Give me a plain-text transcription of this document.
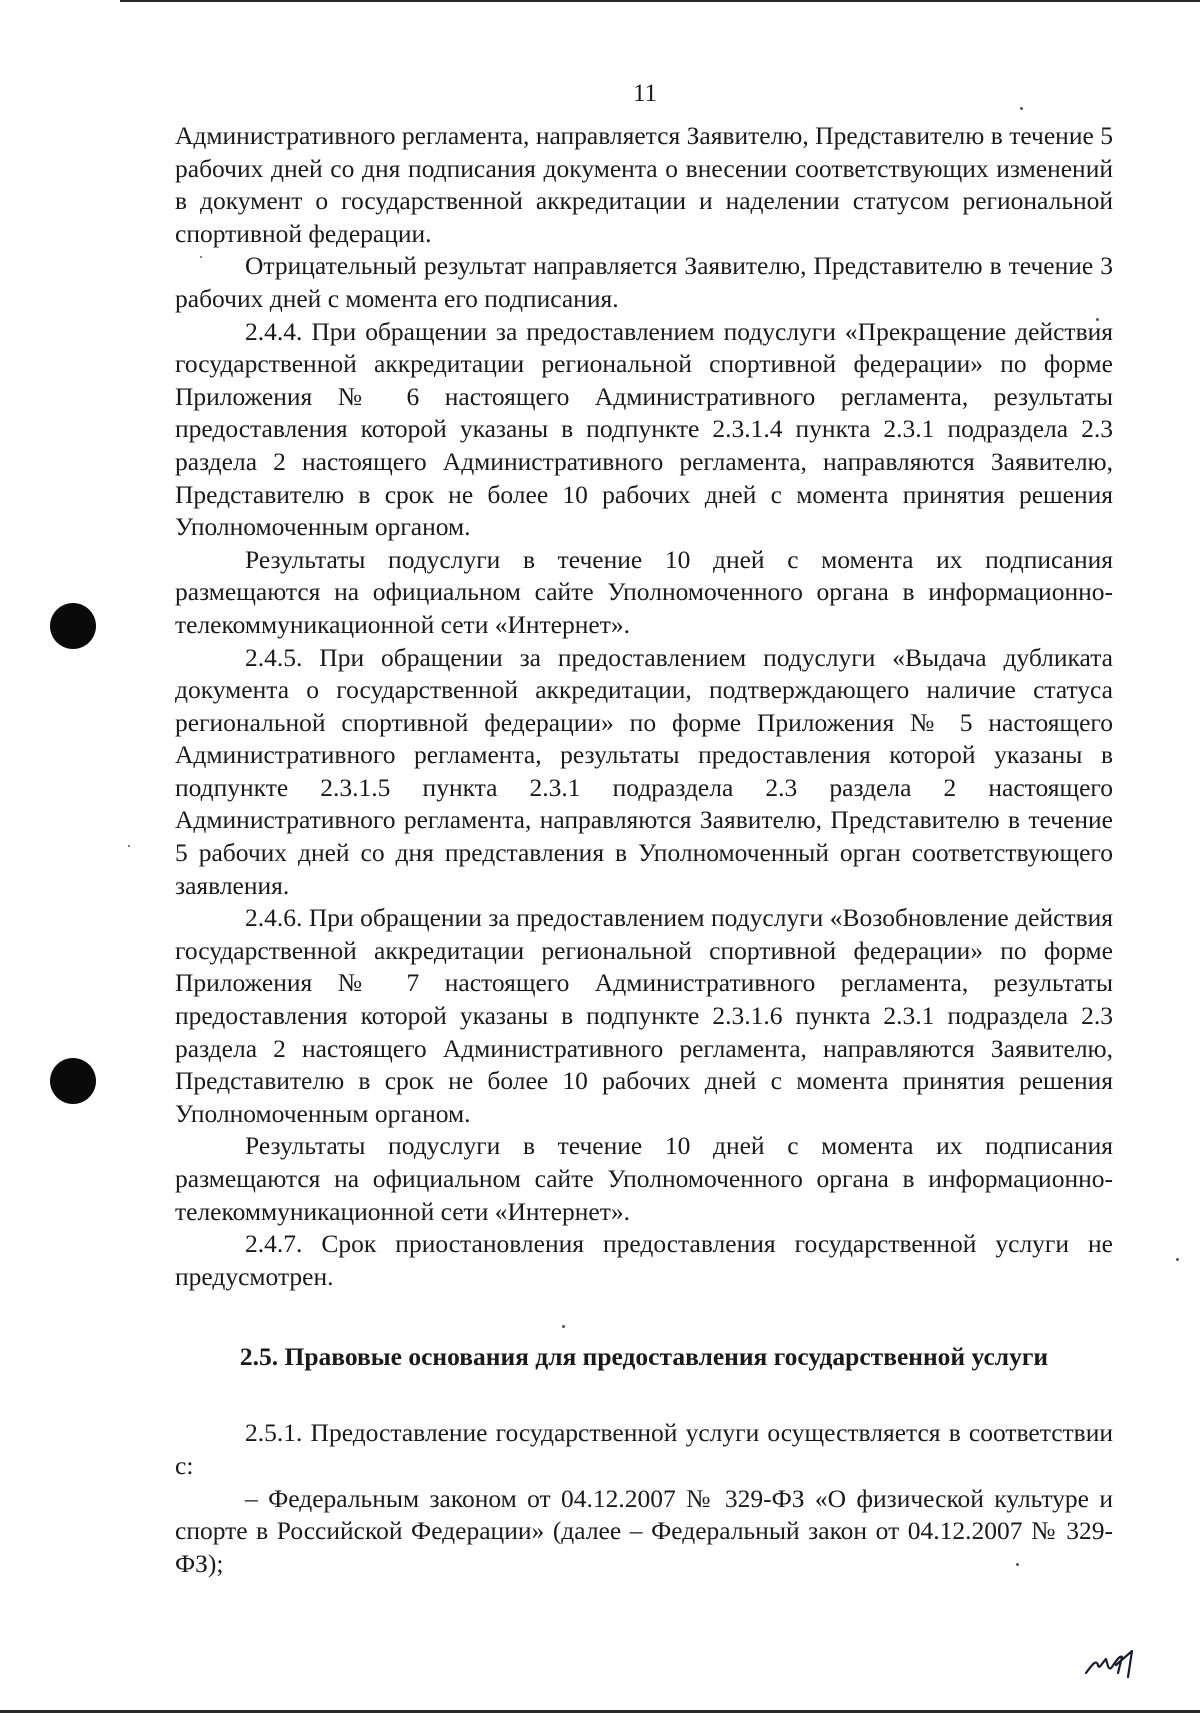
11

Административного регламента, направляется Заявителю, Представителю в течение 5 рабочих дней со дня подписания документа о внесении соответствующих изменений в документ о государственной аккредитации и наделении статусом региональной спортивной федерации.

Отрицательный результат направляется Заявителю, Представителю в течение 3 рабочих дней с момента его подписания.

2.4.4. При обращении за предоставлением подуслуги «Прекращение действия государственной аккредитации региональной спортивной федерации» по форме Приложения № 6 настоящего Административного регламента, результаты предоставления которой указаны в подпункте 2.3.1.4 пункта 2.3.1 подраздела 2.3 раздела 2 настоящего Административного регламента, направляются Заявителю, Представителю в срок не более 10 рабочих дней с момента принятия решения Уполномоченным органом.

Результаты подуслуги в течение 10 дней с момента их подписания размещаются на официальном сайте Уполномоченного органа в информационно-телекоммуникационной сети «Интернет».

2.4.5. При обращении за предоставлением подуслуги «Выдача дубликата документа о государственной аккредитации, подтверждающего наличие статуса региональной спортивной федерации» по форме Приложения № 5 настоящего Административного регламента, результаты предоставления которой указаны в подпункте 2.3.1.5 пункта 2.3.1 подраздела 2.3 раздела 2 настоящего Административного регламента, направляются Заявителю, Представителю в течение 5 рабочих дней со дня представления в Уполномоченный орган соответствующего заявления.

2.4.6. При обращении за предоставлением подуслуги «Возобновление действия государственной аккредитации региональной спортивной федерации» по форме Приложения № 7 настоящего Административного регламента, результаты предоставления которой указаны в подпункте 2.3.1.6 пункта 2.3.1 подраздела 2.3 раздела 2 настоящего Административного регламента, направляются Заявителю, Представителю в срок не более 10 рабочих дней с момента принятия решения Уполномоченным органом.

Результаты подуслуги в течение 10 дней с момента их подписания размещаются на официальном сайте Уполномоченного органа в информационно-телекоммуникационной сети «Интернет».

2.4.7. Срок приостановления предоставления государственной услуги не предусмотрен.

2.5. Правовые основания для предоставления государственной услуги

2.5.1. Предоставление государственной услуги осуществляется в соответствии с:

– Федеральным законом от 04.12.2007 № 329-ФЗ «О физической культуре и спорте в Российской Федерации» (далее – Федеральный закон от 04.12.2007 № 329-ФЗ);
